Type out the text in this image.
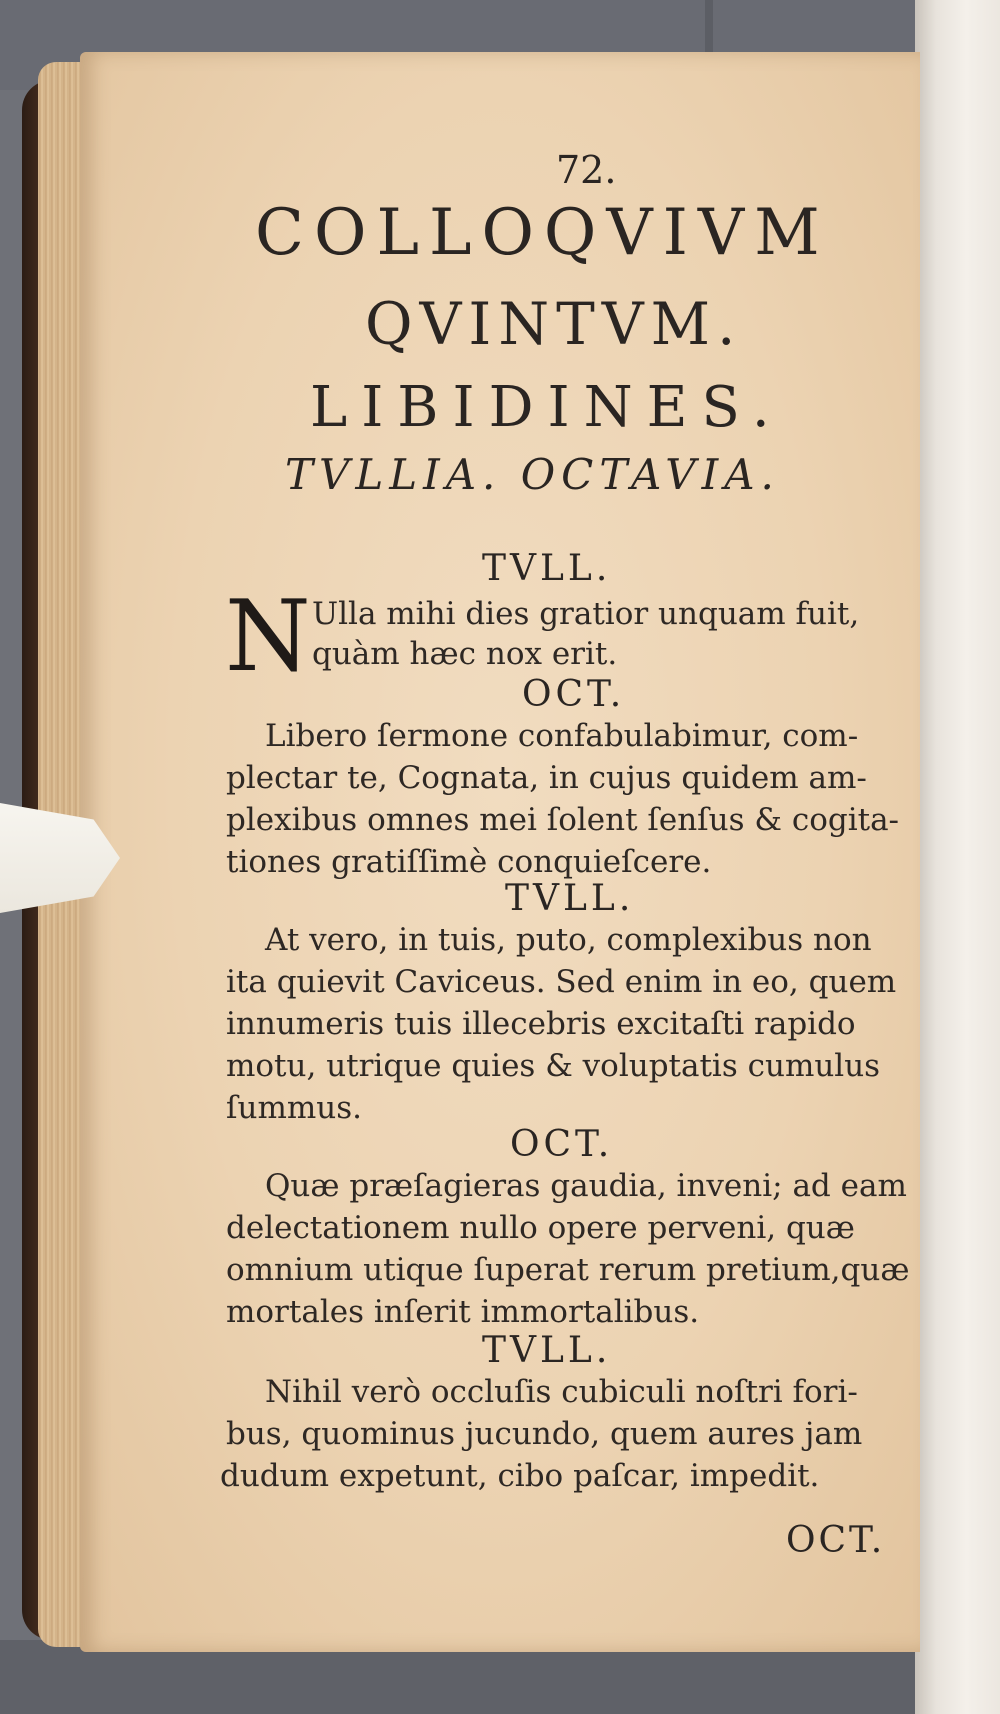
72.
COLLOQVIVM
QVINTVM.
LIBIDINES.
TVLLIA. OCTAVIA.
TVLL.
N Ulla mihi dies gratior unquam fuit,
quàm hæc nox erit.
OCT.
Libero ſermone confabulabimur, com-
plectar te, Cognata, in cujus quidem am-
plexibus omnes mei ſolent ſenſus & cogita-
tiones gratiſſimè conquieſcere.
TVLL.
At vero, in tuis, puto, complexibus non
ita quievit Caviceus. Sed enim in eo, quem
innumeris tuis illecebris excitaſti rapido
motu, utrique quies & voluptatis cumulus
ſummus.
OCT.
Quæ præſagieras gaudia, inveni; ad eam
delectationem nullo opere perveni, quæ
omnium utique ſuperat rerum pretium,quæ
mortales inſerit immortalibus.
TVLL.
Nihil verò occluſis cubiculi noſtri fori-
bus, quominus jucundo, quem aures jam
dudum expetunt, cibo paſcar, impedit.
OCT.
